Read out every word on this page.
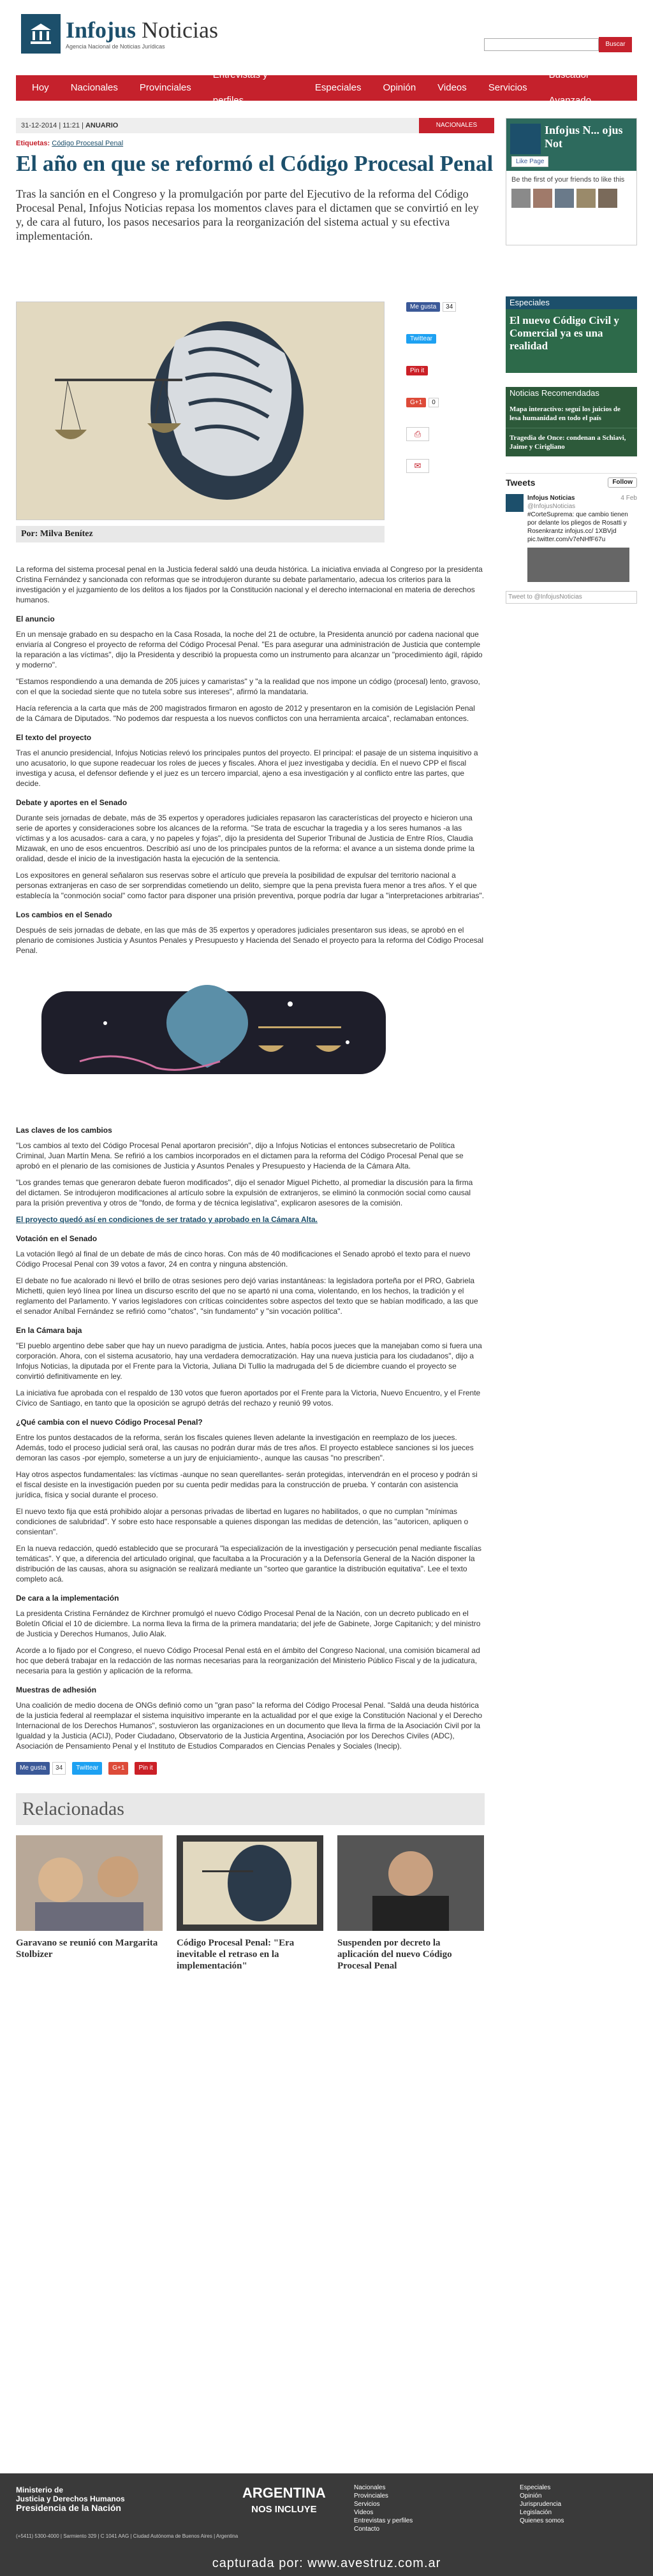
Infojus Noticias
Agencia Nacional de Noticias Jurídicas	Buscar
Hoy	Nacionales	Provinciales
Entrevistas y perfiles
Especiales	Opinión	Videos	Servicios
Buscador Avanzado
31-12-2014 | 11:21 | ANUARIO	NACIONALES
Etiquetas: Código Procesal Penal
El año en que se reformó el Código Procesal Penal
Tras la sanción en el Congreso y la promulgación por parte del Ejecutivo de la reforma del Código Procesal Penal, Infojus Noticias repasa los momentos claves para el dictamen que se convirtió en ley y, de cara al futuro, los pasos necesarios para la reorganización del sistema actual y su efectiva implementación.
Por: Milva Benítez
Me gusta	34
Twittear
Pin it
G+1	0
⎙
✉

La reforma del sistema procesal penal en la Justicia federal saldó una deuda histórica. La iniciativa enviada al Congreso por la presidenta Cristina Fernández y sancionada con reformas que se introdujeron durante su debate parlamentario, adecua los criterios para la investigación y el juzgamiento de los delitos a los fijados por la Constitución nacional y el derecho internacional en materia de derechos humanos.

El anuncio

En un mensaje grabado en su despacho en la Casa Rosada, la noche del 21 de octubre, la Presidenta anunció por cadena nacional que enviaría al Congreso el proyecto de reforma del Código Procesal Penal. "Es para asegurar una administración de Justicia que contemple la reparación a las víctimas", dijo la Presidenta y describió la propuesta como un instrumento para alcanzar un "procedimiento ágil, rápido y moderno".

"Estamos respondiendo a una demanda de 205 juices y camaristas" y "a la realidad que nos impone un código (procesal) lento, gravoso, con el que la sociedad siente que no tutela sobre sus intereses", afirmó la mandataria.

Hacía referencia a la carta que más de 200 magistrados firmaron en agosto de 2012 y presentaron en la comisión de Legislación Penal de la Cámara de Diputados. "No podemos dar respuesta a los nuevos conflictos con una herramienta arcaica", reclamaban entonces.

El texto del proyecto

Tras el anuncio presidencial, Infojus Noticias relevó los principales puntos del proyecto. El principal: el pasaje de un sistema inquisitivo a uno acusatorio, lo que supone readecuar los roles de jueces y fiscales. Ahora el juez investigaba y decidía. En el nuevo CPP el fiscal investiga y acusa, el defensor defiende y el juez es un tercero imparcial, ajeno a esa investigación y al conflicto entre las partes, que decide.

Debate y aportes en el Senado

Durante seis jornadas de debate, más de 35 expertos y operadores judiciales repasaron las características del proyecto e hicieron una serie de aportes y consideraciones sobre los alcances de la reforma. "Se trata de escuchar la tragedia y a los seres humanos -a las víctimas y a los acusados- cara a cara, y no papeles y fojas", dijo la presidenta del Superior Tribunal de Justicia de Entre Ríos, Claudia Mizawak, en uno de esos encuentros. Describió así uno de los principales puntos de la reforma: el avance a un sistema donde prime la oralidad, desde el inicio de la investigación hasta la ejecución de la sentencia.

Los expositores en general señalaron sus reservas sobre el artículo que preveía la posibilidad de expulsar del territorio nacional a personas extranjeras en caso de ser sorprendidas cometiendo un delito, siempre que la pena prevista fuera menor a tres años. Y el que establecía la "conmoción social" como factor para disponer una prisión preventiva, porque podría dar lugar a "interpretaciones arbitrarias".

Los cambios en el Senado

Después de seis jornadas de debate, en las que más de 35 expertos y operadores judiciales presentaron sus ideas, se aprobó en el plenario de comisiones Justicia y Asuntos Penales y Presupuesto y Hacienda del Senado el proyecto para la reforma del Código Procesal Penal.

Las claves de los cambios

"Los cambios al texto del Código Procesal Penal aportaron precisión", dijo a Infojus Noticias el entonces subsecretario de Política Criminal, Juan Martín Mena. Se refirió a los cambios incorporados en el dictamen para la reforma del Código Procesal Penal que se aprobó en el plenario de las comisiones de Justicia y Asuntos Penales y Presupuesto y Hacienda de la Cámara Alta.

"Los grandes temas que generaron debate fueron modificados", dijo el senador Miguel Pichetto, al promediar la discusión para la firma del dictamen. Se introdujeron modificaciones al artículo sobre la expulsión de extranjeros, se eliminó la conmoción social como causal para la prisión preventiva y otros de "fondo, de forma y de técnica legislativa", explicaron asesores de la comisión.

El proyecto quedó así en condiciones de ser tratado y aprobado en la Cámara Alta.

Votación en el Senado

La votación llegó al final de un debate de más de cinco horas. Con más de 40 modificaciones el Senado aprobó el texto para el nuevo Código Procesal Penal con 39 votos a favor, 24 en contra y ninguna abstención.

El debate no fue acalorado ni llevó el brillo de otras sesiones pero dejó varias instantáneas: la legisladora porteña por el PRO, Gabriela Michetti, quien leyó línea por línea un discurso escrito del que no se apartó ni una coma, violentando, en los hechos, la tradición y el reglamento del Parlamento. Y varios legisladores con críticas coincidentes sobre aspectos del texto que se habían modificado, a las que el senador Aníbal Fernández se refirió como "chatos", "sin fundamento" y "sin vocación política".

En la Cámara baja

"El pueblo argentino debe saber que hay un nuevo paradigma de justicia. Antes, había pocos jueces que la manejaban como si fuera una corporación. Ahora, con el sistema acusatorio, hay una verdadera democratización. Hay una nueva justicia para los ciudadanos", dijo a Infojus Noticias, la diputada por el Frente para la Victoria, Juliana Di Tullio la madrugada del 5 de diciembre cuando el proyecto se convirtió definitivamente en ley.

La iniciativa fue aprobada con el respaldo de 130 votos que fueron aportados por el Frente para la Victoria, Nuevo Encuentro, y el Frente Cívico de Santiago, en tanto que la oposición se agrupó detrás del rechazo y reunió 99 votos.

¿Qué cambia con el nuevo Código Procesal Penal?

Entre los puntos destacados de la reforma, serán los fiscales quienes lleven adelante la investigación en reemplazo de los jueces. Además, todo el proceso judicial será oral, las causas no podrán durar más de tres años. El proyecto establece sanciones si los jueces demoran las casos -por ejemplo, someterse a un jury de enjuiciamiento-, aunque las causas "no prescriben".

Hay otros aspectos fundamentales: las víctimas -aunque no sean querellantes- serán protegidas, intervendrán en el proceso y podrán si el fiscal desiste en la investigación pueden por su cuenta pedir medidas para la construcción de prueba. Y contarán con asistencia jurídica, física y social durante el proceso.

El nuevo texto fija que está prohibido alojar a personas privadas de libertad en lugares no habilitados, o que no cumplan "mínimas condiciones de salubridad". Y sobre esto hace responsable a quienes dispongan las medidas de detención, las "autoricen, apliquen o consientan".

En la nueva redacción, quedó establecido que se procurará "la especialización de la investigación y persecución penal mediante fiscalías temáticas". Y que, a diferencia del articulado original, que facultaba a la Procuración y a la Defensoría General de la Nación disponer la distribución de las causas, ahora su asignación se realizará mediante un "sorteo que garantice la distribución equitativa". Lee el texto completo acá.

De cara a la implementación

La presidenta Cristina Fernández de Kirchner promulgó el nuevo Código Procesal Penal de la Nación, con un decreto publicado en el Boletín Oficial el 10 de diciembre. La norma lleva la firma de la primera mandataria; del jefe de Gabinete, Jorge Capitanich; y del ministro de Justicia y Derechos Humanos, Julio Alak.

Acorde a lo fijado por el Congreso, el nuevo Código Procesal Penal está en el ámbito del Congreso Nacional, una comisión bicameral ad hoc que deberá trabajar en la redacción de las normas necesarias para la reorganización del Ministerio Público Fiscal y de la judicatura, necesaria para la gestión y aplicación de la reforma.

Muestras de adhesión

Una coalición de medio docena de ONGs definió como un "gran paso" la reforma del Código Procesal Penal. "Saldá una deuda histórica de la justicia federal al reemplazar el sistema inquisitivo imperante en la actualidad por el que exige la Constitución Nacional y el Derecho Internacional de los Derechos Humanos", sostuvieron las organizaciones en un documento que lleva la firma de la Asociación Civil por la Igualdad y la Justicia (ACIJ), Poder Ciudadano, Observatorio de la Justicia Argentina, Asociación por los Derechos Civiles (ADC), Asociación de Pensamiento Penal y el Instituto de Estudios Comparados en Ciencias Penales y Sociales (Inecip).

Me gusta	34	Twittear	G+1	Pin it
Relacionadas
Garavano se reunió con Margarita Stolbizer
Código Procesal Penal: "Era inevitable el retraso en la implementación"
Suspenden por decreto la aplicación del nuevo Código Procesal Penal
Infojus N... ojus Not
Like Page
Be the first of your friends to like this
Especiales
El nuevo Código Civil y Comercial ya es una realidad
Noticias Recomendadas
Mapa interactivo: seguí los juicios de lesa humanidad en todo el país
Tragedia de Once: condenan a Schiavi, Jaime y Cirigliano
Tweets	Follow
Infojus Noticias	4 Feb

@InfojusNoticias
#CorteSuprema: que cambio tienen por delante los pliegos de Rosatti y Rosenkrantz infojus.cc/ 1XBVjd pic.twitter.com/v7eNHfF67u
Tweet to @InfojusNoticias
Ministerio de
Justicia y Derechos Humanos
Presidencia de la Nación
ARGENTINA
NOS INCLUYE
Nacionales
Provinciales
Servicios
Videos
Entrevistas y perfiles
Contacto
Especiales
Opinión
Jurisprudencia
Legislación
Quienes somos
(+5411) 5300-4000 | Sarmiento 329 | C 1041 AAG | Ciudad Autónoma de Buenos Aires | Argentina
capturada por: www.avestruz.com.ar
